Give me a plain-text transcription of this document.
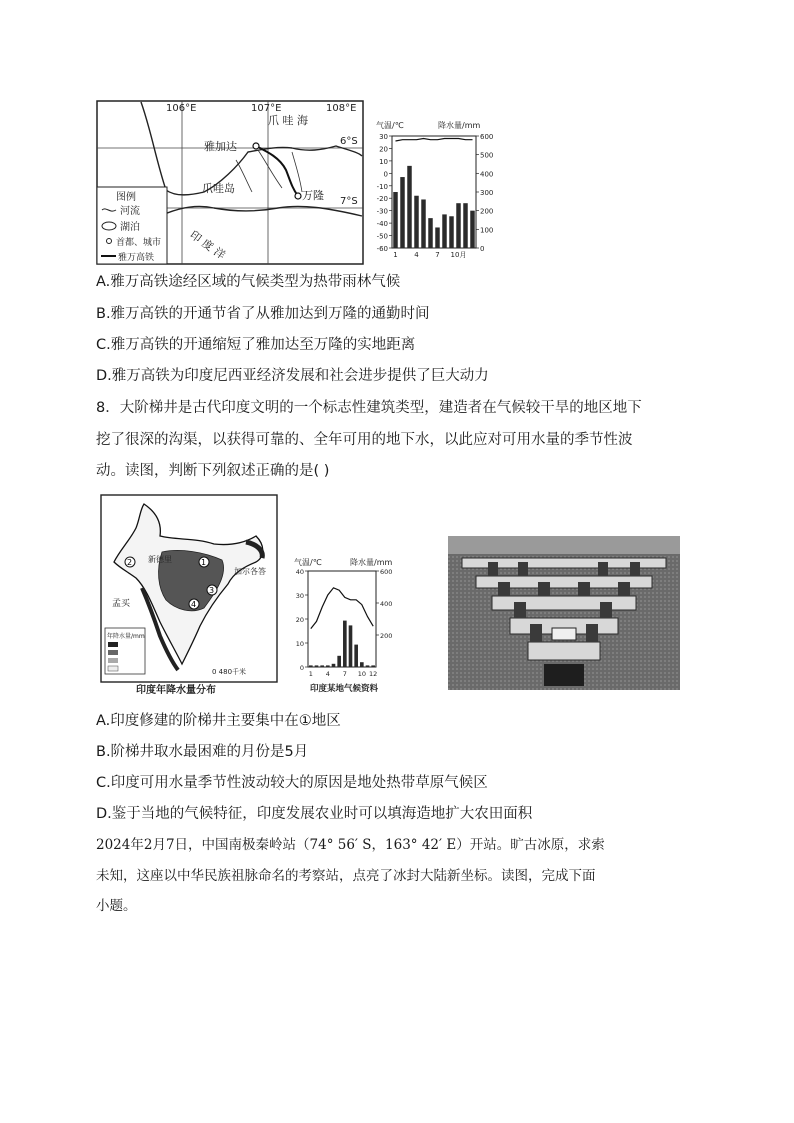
106°E	107°E	108°E
6°S
7°S
爪 哇 海
雅加达
万隆
爪哇岛
印 度 洋
图例
河流
湖泊
首都、城市
雅万高铁
气温/℃	降水量/mm
30
20
10
0
-10
-20
-30
-40
-50
-60
600
500
400
300
200
100
0
1 4 7 10月
A.雅万高铁途经区域的气候类型为热带雨林气候
B.雅万高铁的开通节省了从雅加达到万隆的通勤时间
C.雅万高铁的开通缩短了雅加达至万隆的实地距离
D.雅万高铁为印度尼西亚经济发展和社会进步提供了巨大动力
8．大阶梯井是古代印度文明的一个标志性建筑类型，建造者在气候较干旱的地区地下
挖了很深的沟渠，以获得可靠的、全年可用的地下水，以此应对可用水量的季节性波
动。读图，判断下列叙述正确的是( )
1
2
3
4
孟买
新德里
加尔各答
年降水量/mm
0 480千米
印度年降水量分布
气温/℃	降水量/mm
印度某地气候资料
40
30
20
10
0
600
400
200
1 4 7 10 12
A.印度修建的阶梯井主要集中在①地区
B.阶梯井取水最困难的月份是5月
C.印度可用水量季节性波动较大的原因是地处热带草原气候区
D.鉴于当地的气候特征，印度发展农业时可以填海造地扩大农田面积
2024年2月7日，中国南极秦岭站（74° 56′ S，163° 42′ E）开站。旷古冰原，求索
未知，这座以中华民族祖脉命名的考察站，点亮了冰封大陆新坐标。读图，完成下面
小题。
